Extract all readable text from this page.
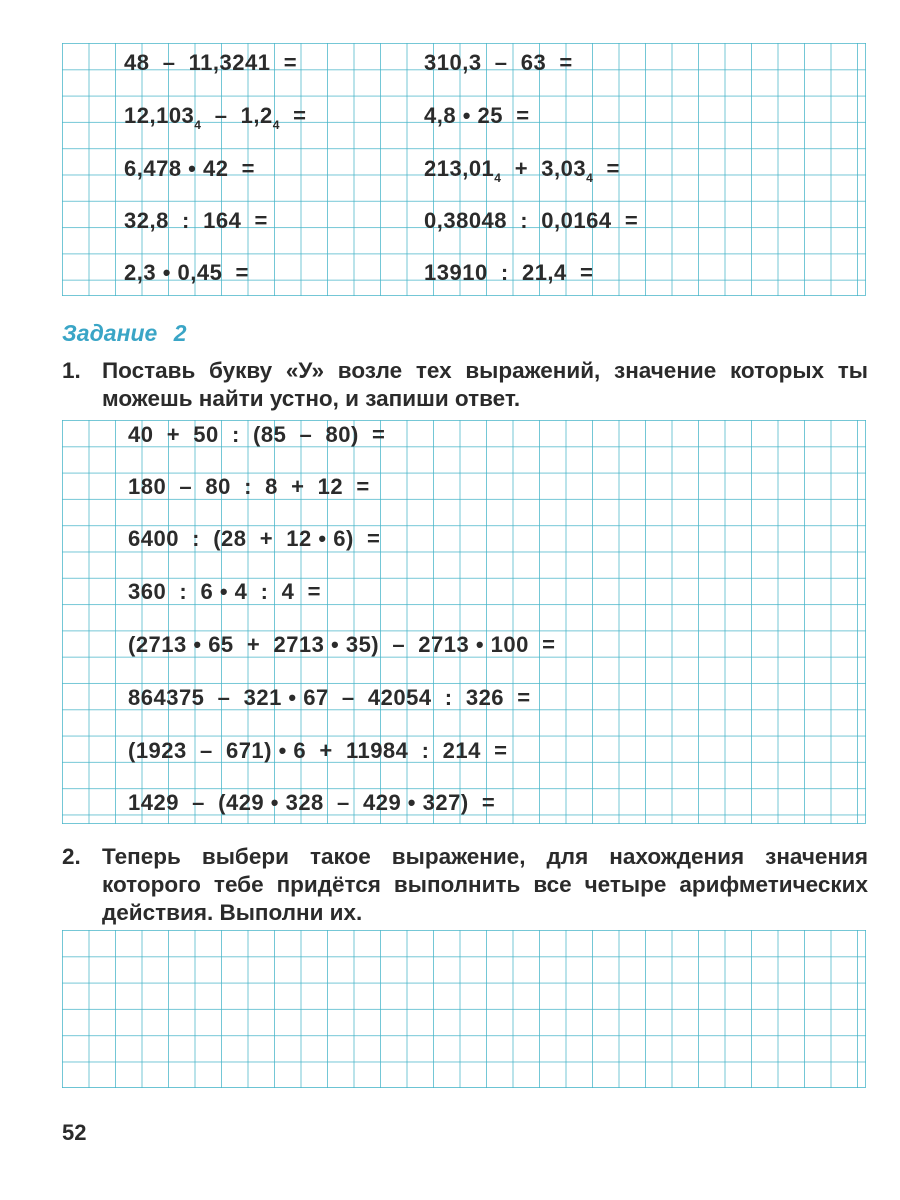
48  –  11,3241  =
$12,103_4 - 1,2_4$  =
6,478 • 42  =
32,8  :  164  =
2,3 • 0,45  =
310,3  –  63  =
4,8 • 25  =
$213,01_4 + 3,03_4$  =
0,38048  :  0,0164  =
13910  :  21,4  =
Задание 2
1. Поставь букву «У» возле тех выражений, значение которых ты можешь найти устно, и запиши ответ.
40  +  50  :  (85  –  80)  =
180  –  80  :  8  +  12  =
6400  :  (28  +  12 • 6)  =
360  :  6 • 4  :  4  =
(2713 • 65  +  2713 • 35)  –  2713 • 100  =
864375  –  321 • 67  –  42054  :  326  =
(1923  –  671) • 6  +  11984  :  214  =
1429  –  (429 • 328  –  429 • 327)  =
2. Теперь выбери такое выражение, для нахождения значения которого тебе придётся выполнить все четыре арифметических действия. Выполни их.
52
